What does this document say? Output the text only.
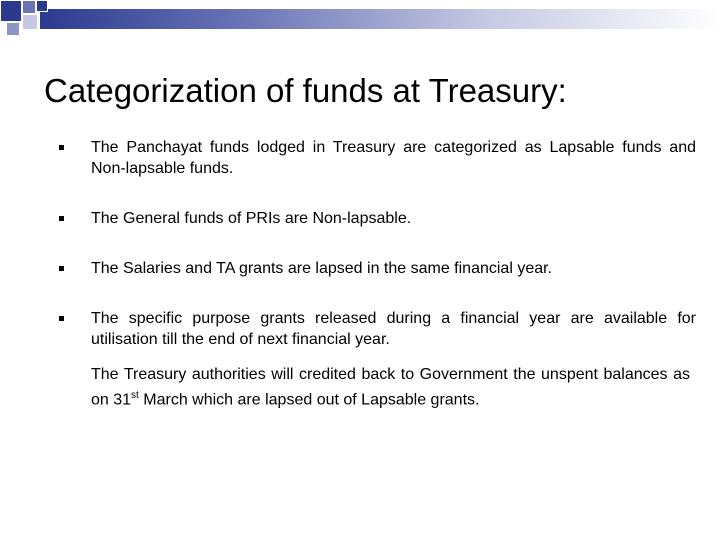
Categorization of funds at Treasury:
The Panchayat funds lodged in Treasury are categorized as Lapsable funds and Non-lapsable funds.
The General funds of PRIs are Non-lapsable.
The Salaries and TA grants are lapsed in the same financial year.
The specific purpose grants released during a financial year are available for utilisation till the end of next financial year.
The Treasury authorities will credited back to Government the unspent balances as on 31st March which are lapsed out of Lapsable grants.
